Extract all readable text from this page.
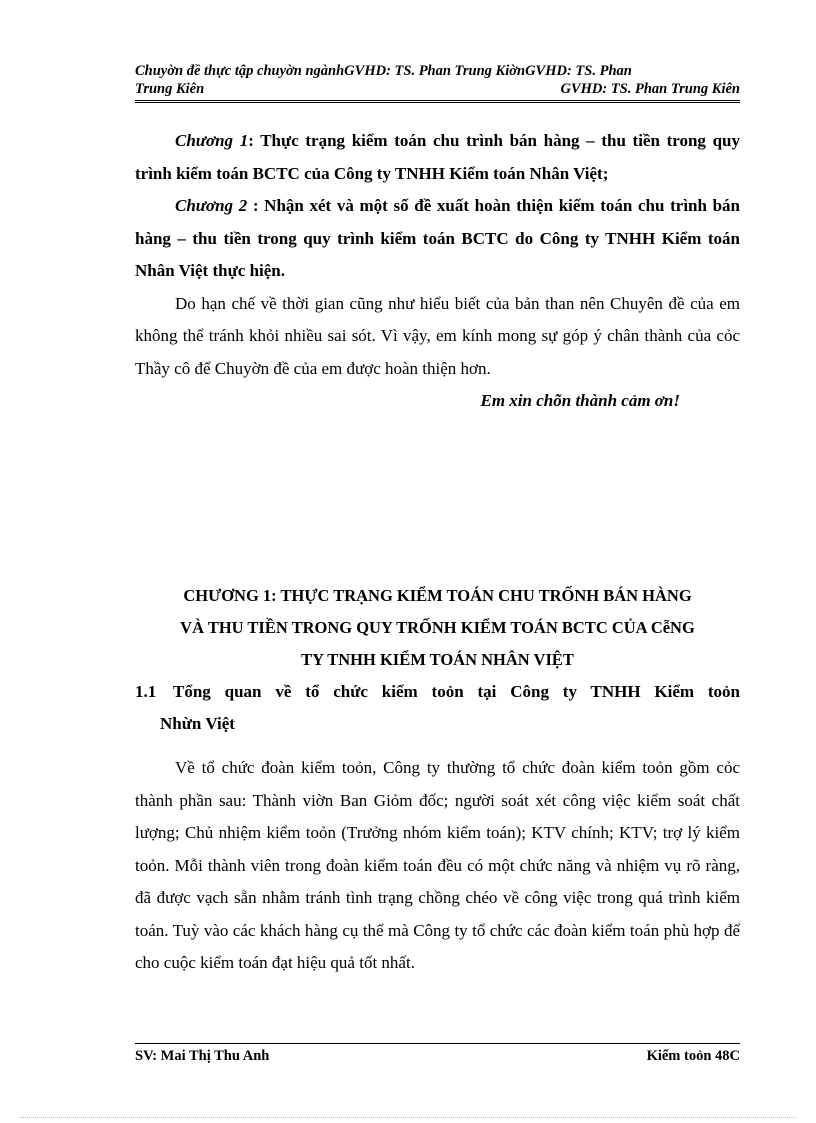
Chuyờn đề thực tập chuyờn ngànhGVHD: TS. Phan Trung KiờnGVHD: TS. Phan
Trung Kiên	GVHD: TS. Phan Trung Kiên

Chương 1: Thực trạng kiểm toán chu trình bán hàng – thu tiền trong quy trình kiểm toán BCTC của Công ty TNHH Kiểm toán Nhân Việt;

Chương 2 : Nhận xét và một số đề xuất hoàn thiện kiểm toán chu trình bán hàng – thu tiền trong quy trình kiểm toán BCTC do Công ty TNHH Kiểm toán Nhân Việt thực hiện.

Do hạn chế về thời gian cũng như hiểu biết của bản than nên Chuyên đề của em không thể tránh khỏi nhiều sai sót. Vì vậy, em kính mong sự góp ý chân thành của cỏc Thầy cô để Chuyờn đề của em được hoàn thiện hơn.

Em xin chõn thành cảm ơn!

CHƯƠNG 1: THỰC TRẠNG KIỂM TOÁN CHU TRỐNH BÁN HÀNG
VÀ THU TIỀN TRONG QUY TRỐNH KIỂM TOÁN BCTC CỦA CễNG
TY TNHH KIỂM TOÁN NHÂN VIỆT
1.1 Tổng quan về tổ chức kiểm toỏn tại Công ty TNHH Kiểm toỏn
Nhừn Việt

Về tổ chức đoàn kiểm toỏn, Công ty thường tổ chức đoàn kiểm toỏn gồm cỏc thành phần sau: Thành viờn Ban Giỏm đốc; người soát xét công việc kiểm soát chất lượng; Chủ nhiệm kiểm toỏn (Trưởng nhóm kiểm toán); KTV chính; KTV; trợ lý kiểm toỏn. Mỗi thành viên trong đoàn kiểm toán đều có một chức năng và nhiệm vụ rõ ràng, đã được vạch sẵn nhằm tránh tình trạng chồng chéo về công việc trong quá trình kiểm toán. Tuỳ vào các khách hàng cụ thể mà Công ty tổ chức các đoàn kiểm toán phù hợp để cho cuộc kiểm toán đạt hiệu quả tốt nhất.

SV: Mai Thị Thu Anh	Kiểm toỏn 48C
